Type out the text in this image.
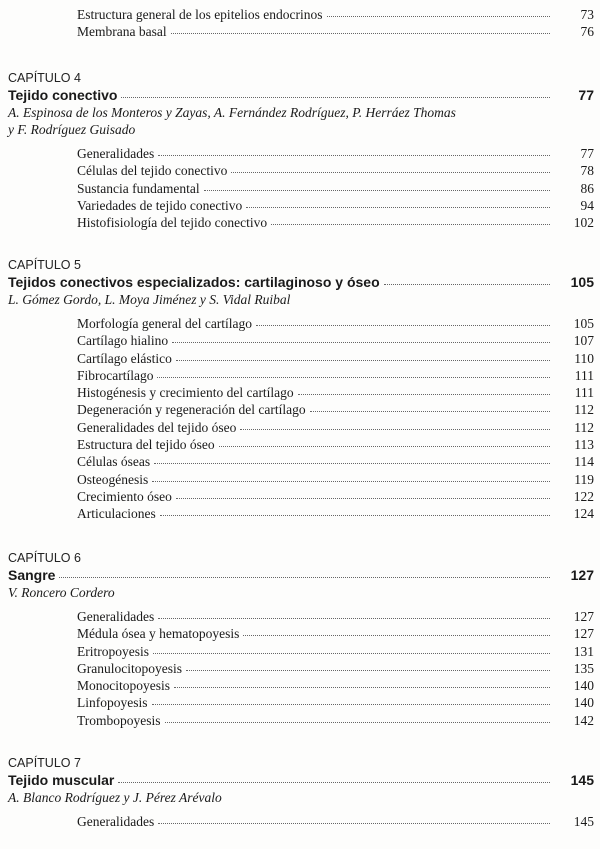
Estructura general de los epitelios endocrinos	73
Membrana basal	76
CAPÍTULO 4
Tejido conectivo	77
A. Espinosa de los Monteros y Zayas, A. Fernández Rodríguez, P. Herráez Thomas
y F. Rodríguez Guisado
Generalidades	77
Células del tejido conectivo	78
Sustancia fundamental	86
Variedades de tejido conectivo	94
Histofisiología del tejido conectivo	102
CAPÍTULO 5
Tejidos conectivos especializados: cartilaginoso y óseo	105
L. Gómez Gordo, L. Moya Jiménez y S. Vidal Ruibal
Morfología general del cartílago	105
Cartílago hialino	107
Cartílago elástico	110
Fibrocartílago	111
Histogénesis y crecimiento del cartílago	111
Degeneración y regeneración del cartílago	112
Generalidades del tejido óseo	112
Estructura del tejido óseo	113
Células óseas	114
Osteogénesis	119
Crecimiento óseo	122
Articulaciones	124
CAPÍTULO 6
Sangre	127
V. Roncero Cordero
Generalidades	127
Médula ósea y hematopoyesis	127
Eritropoyesis	131
Granulocitopoyesis	135
Monocitopoyesis	140
Linfopoyesis	140
Trombopoyesis	142
CAPÍTULO 7
Tejido muscular	145
A. Blanco Rodríguez y J. Pérez Arévalo
Generalidades	145
